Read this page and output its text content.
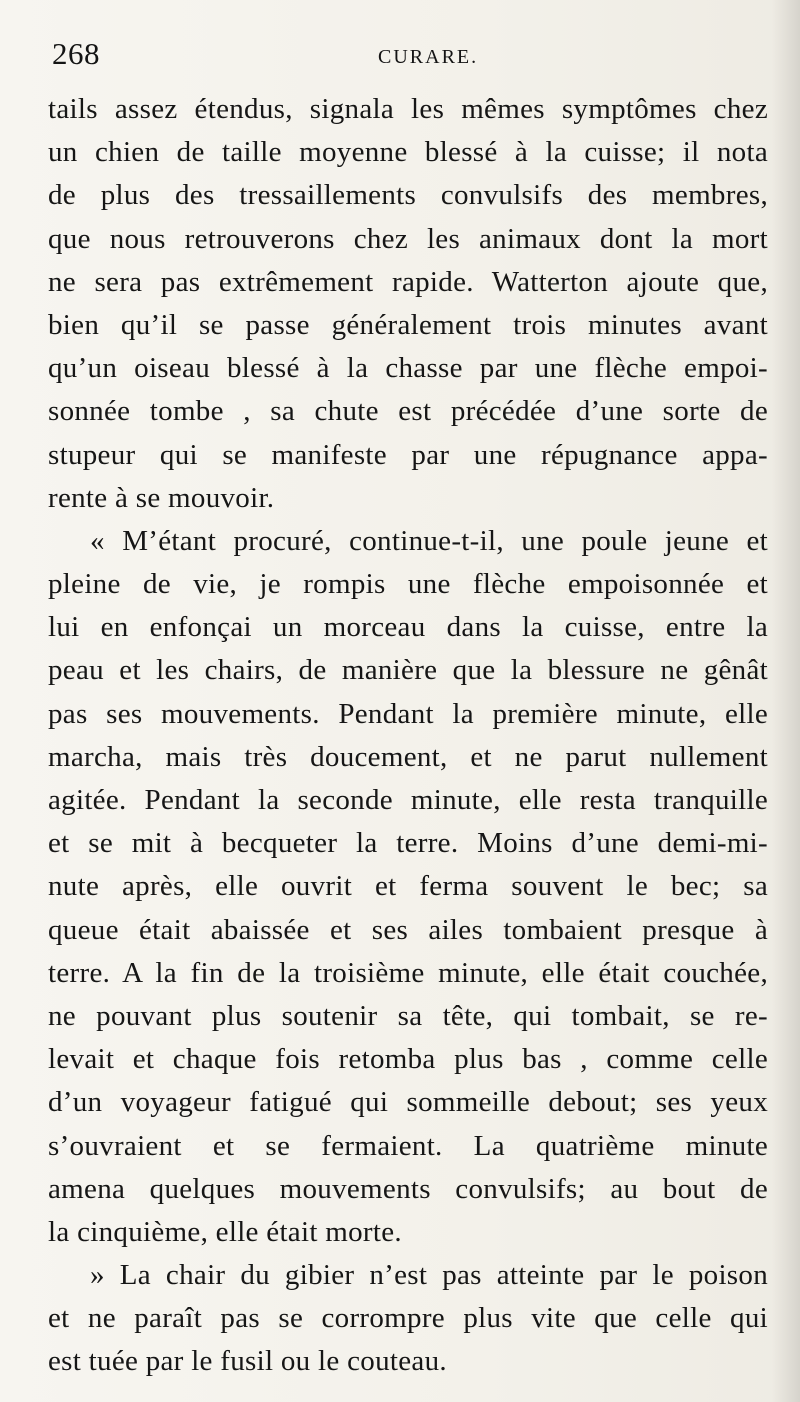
268	CURARE.
tails assez étendus, signala les mêmes symptômes chez
un chien de taille moyenne blessé à la cuisse; il nota
de plus des tressaillements convulsifs des membres,
que nous retrouverons chez les animaux dont la mort
ne sera pas extrêmement rapide. Watterton ajoute que,
bien qu’il se passe généralement trois minutes avant
qu’un oiseau blessé à la chasse par une flèche empoi-
sonnée tombe , sa chute est précédée d’une sorte de
stupeur qui se manifeste par une répugnance appa-
rente à se mouvoir.
« M’étant procuré, continue-t-il, une poule jeune et
pleine de vie, je rompis une flèche empoisonnée et
lui en enfonçai un morceau dans la cuisse, entre la
peau et les chairs, de manière que la blessure ne gênât
pas ses mouvements. Pendant la première minute, elle
marcha, mais très doucement, et ne parut nullement
agitée. Pendant la seconde minute, elle resta tranquille
et se mit à becqueter la terre. Moins d’une demi-mi-
nute après, elle ouvrit et ferma souvent le bec; sa
queue était abaissée et ses ailes tombaient presque à
terre. A la fin de la troisième minute, elle était couchée,
ne pouvant plus soutenir sa tête, qui tombait, se re-
levait et chaque fois retomba plus bas , comme celle
d’un voyageur fatigué qui sommeille debout; ses yeux
s’ouvraient et se fermaient. La quatrième minute
amena quelques mouvements convulsifs; au bout de
la cinquième, elle était morte.
» La chair du gibier n’est pas atteinte par le poison
et ne paraît pas se corrompre plus vite que celle qui
est tuée par le fusil ou le couteau.
